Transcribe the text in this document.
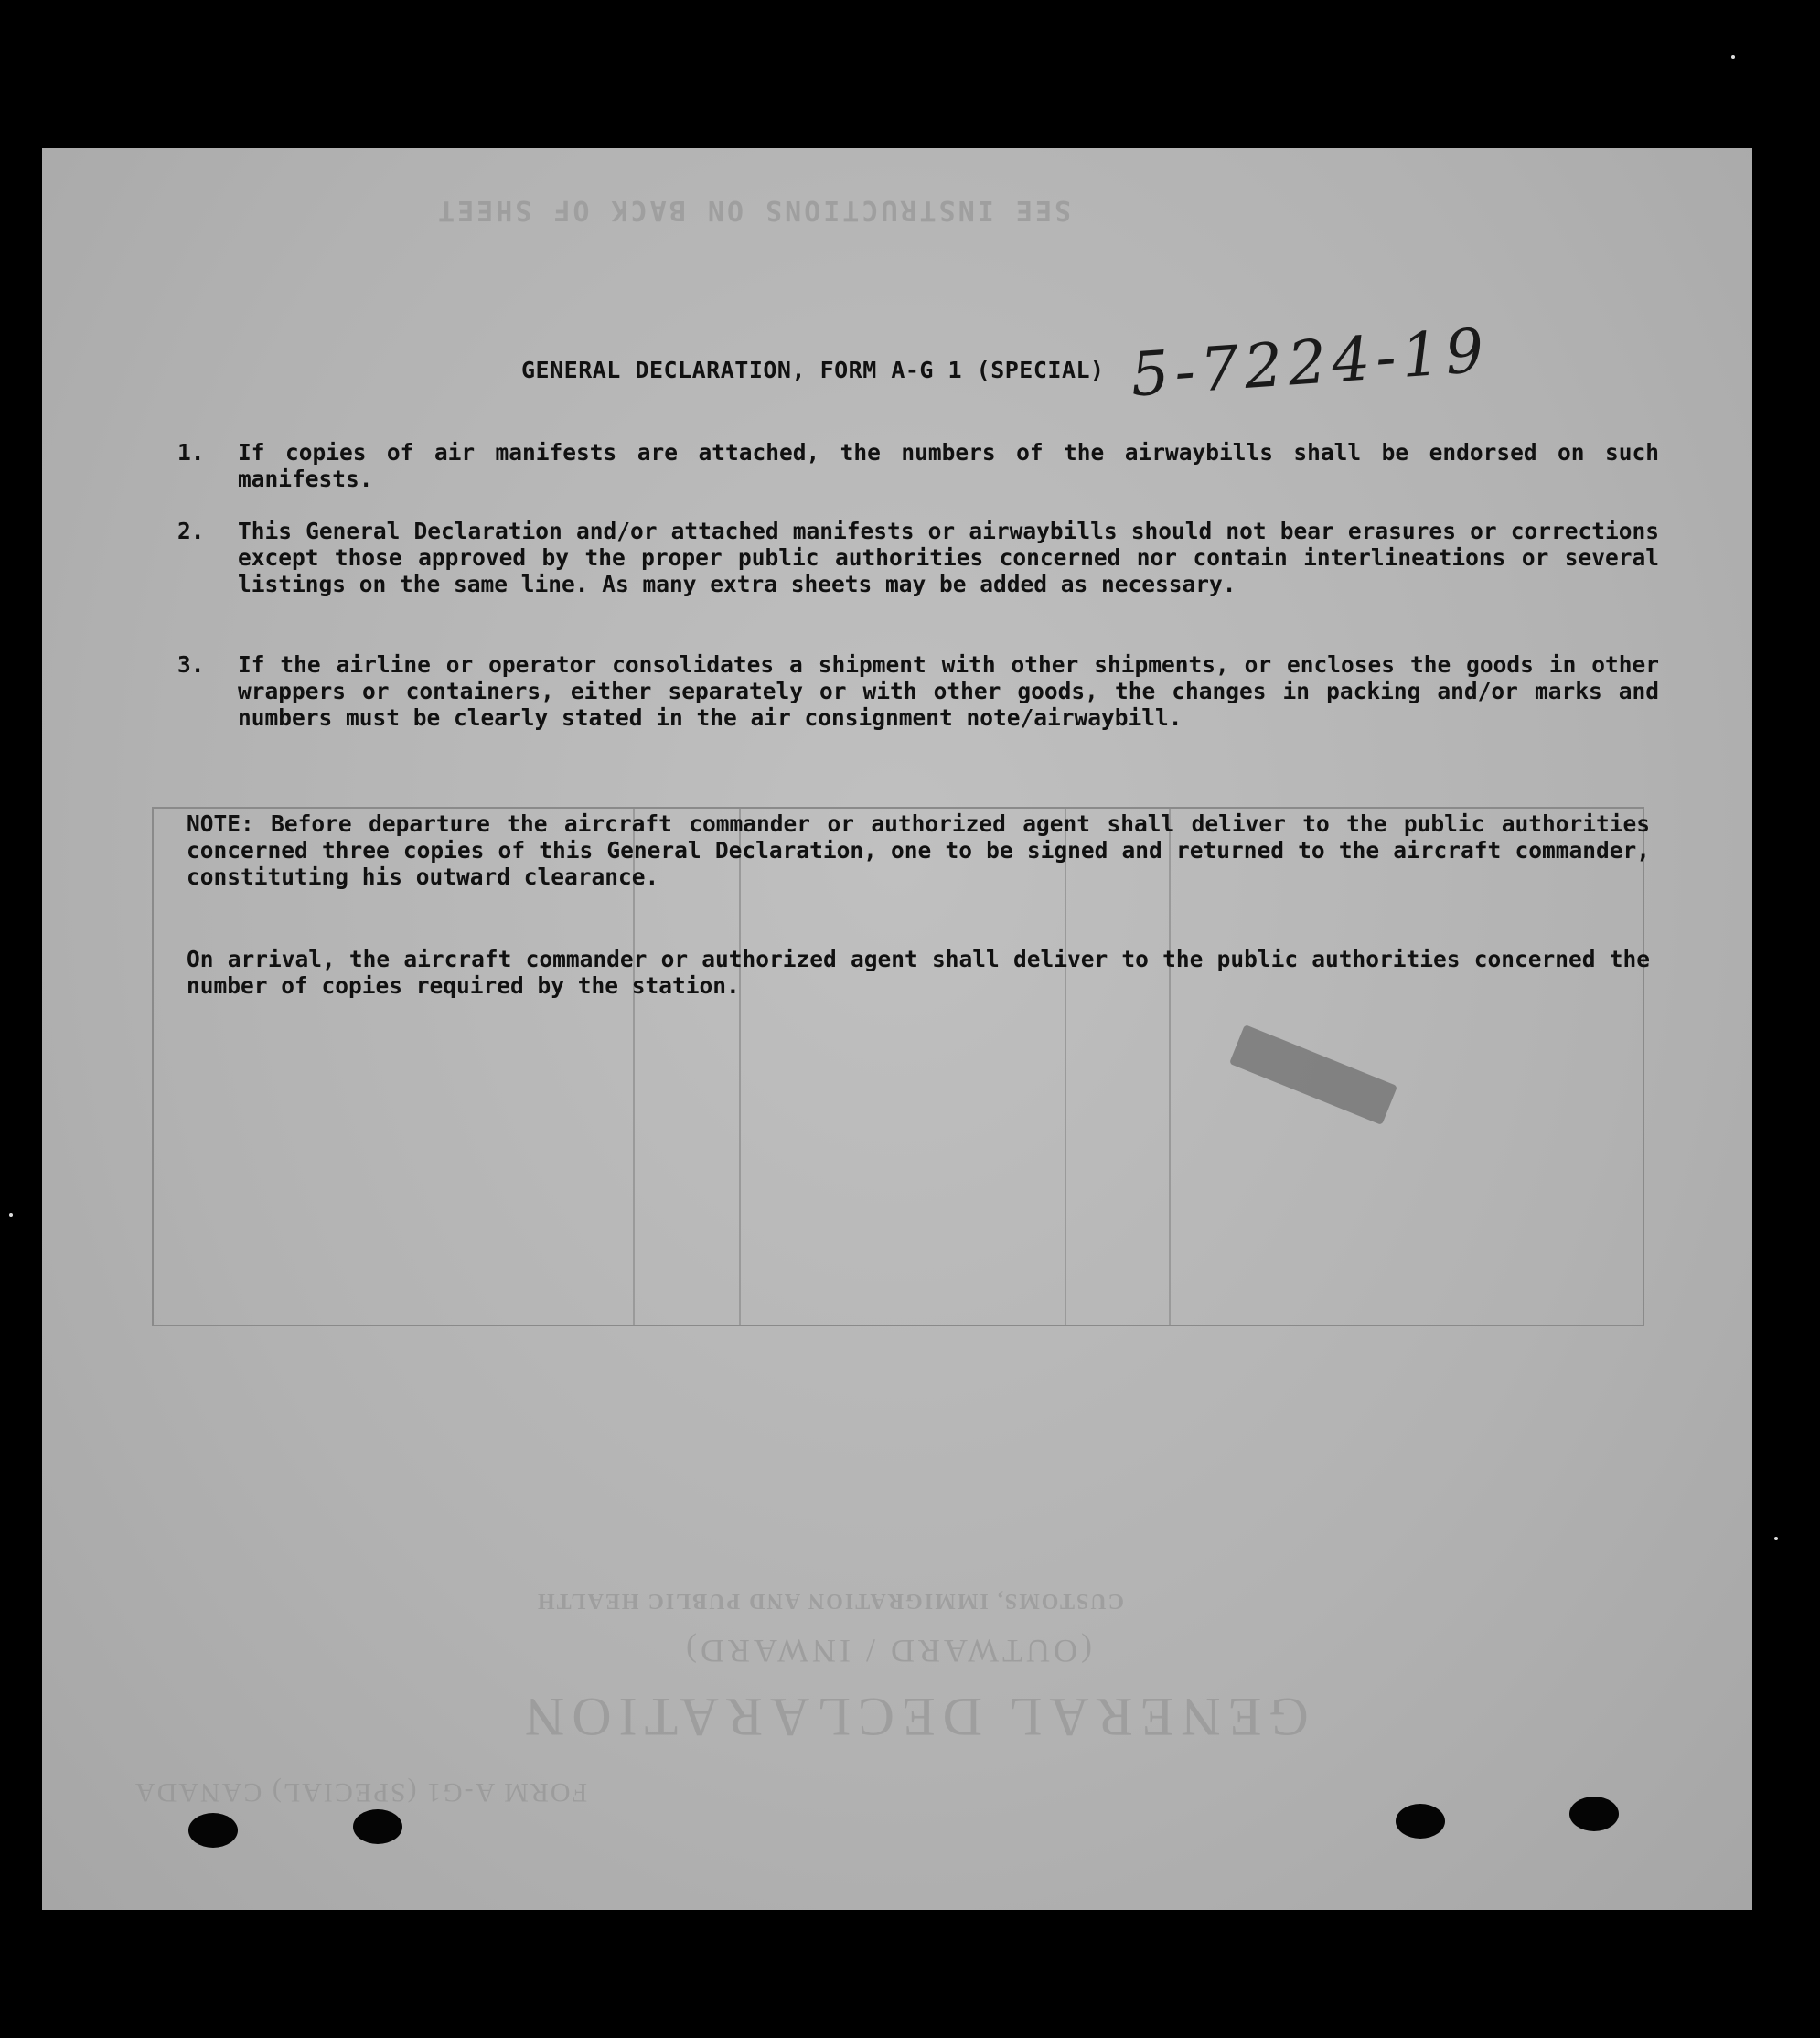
SEE INSTRUCTIONS ON BACK OF SHEET
CUSTOMS, IMMIGRATION AND PUBLIC HEALTH
(OUTWARD / INWARD)
GENERAL DECLARATION
FORM A-G1 (SPECIAL) CANADA
GENERAL DECLARATION, FORM A-G 1 (SPECIAL) 5-7224-19
1. If copies of air manifests are attached, the numbers of the airwaybills shall be endorsed on such manifests.
2. This General Declaration and/or attached manifests or airwaybills should not bear erasures or corrections except those approved by the proper public authorities concerned nor contain interlineations or several listings on the same line. As many extra sheets may be added as necessary.
3. If the airline or operator consolidates a shipment with other shipments, or encloses the goods in other wrappers or containers, either separately or with other goods, the changes in packing and/or marks and numbers must be clearly stated in the air consignment note/airwaybill.
NOTE: Before departure the aircraft commander or authorized agent shall deliver to the public authorities concerned three copies of this General Declaration, one to be signed and returned to the aircraft commander, constituting his outward clearance.
On arrival, the aircraft commander or authorized agent shall deliver to the public authorities concerned the number of copies required by the station.
